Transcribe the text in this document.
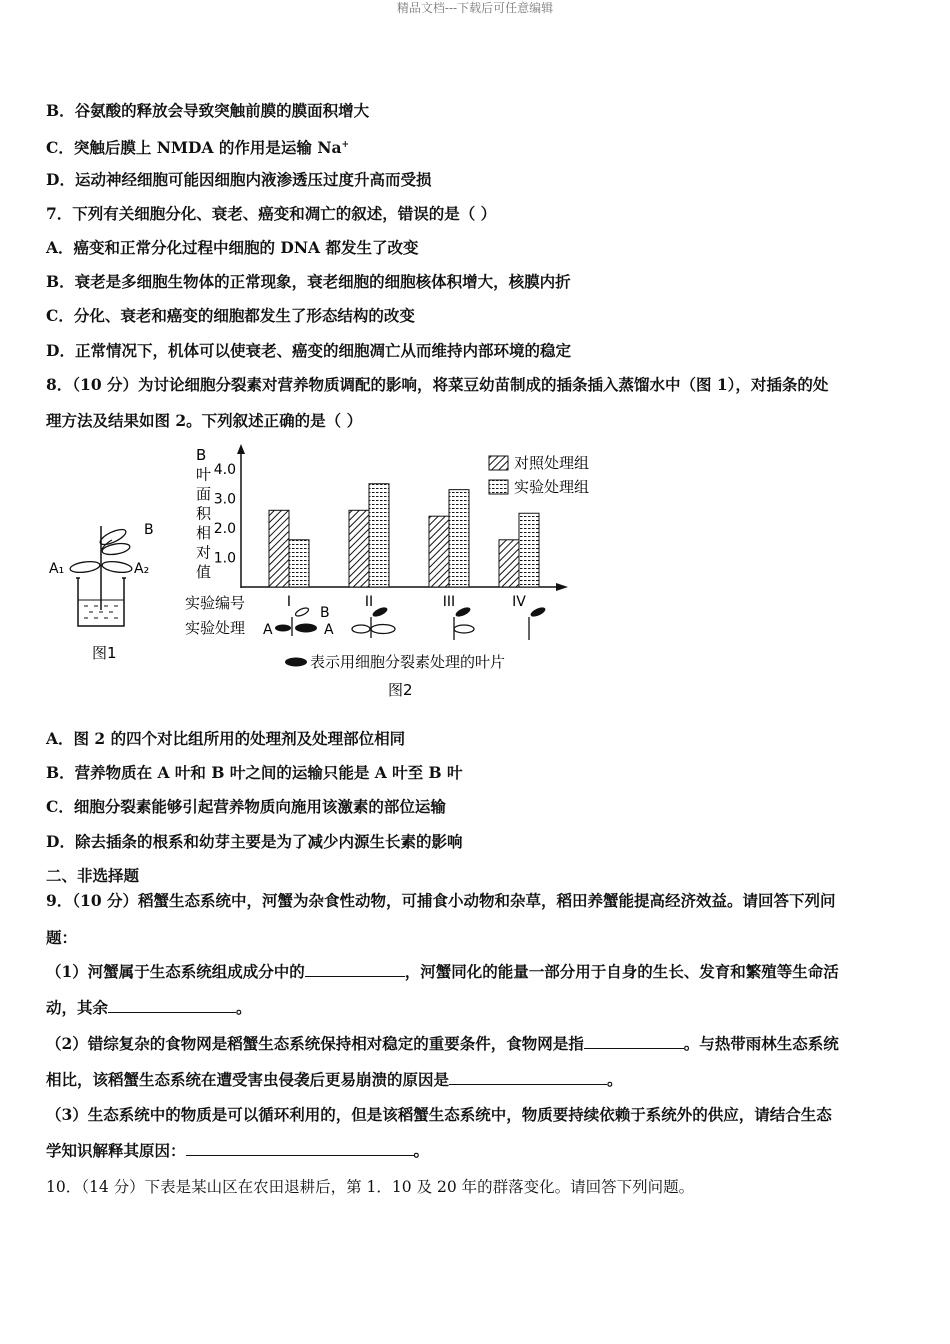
精品文档---下载后可任意编辑
B．谷氨酸的释放会导致突触前膜的膜面积增大
C．突触后膜上 NMDA 的作用是运输 Na+
D．运动神经细胞可能因细胞内液渗透压过度升高而受损
7．下列有关细胞分化、衰老、癌变和凋亡的叙述，错误的是（ ）
A．癌变和正常分化过程中细胞的 DNA 都发生了改变
B．衰老是多细胞生物体的正常现象，衰老细胞的细胞核体积增大，核膜内折
C．分化、衰老和癌变的细胞都发生了形态结构的改变
D．正常情况下，机体可以使衰老、癌变的细胞凋亡从而维持内部环境的稳定
8．（10 分）为讨论细胞分裂素对营养物质调配的影响，将菜豆幼苗制成的插条插入蒸馏水中（图 1），对插条的处
理方法及结果如图 2。下列叙述正确的是（ ）
B
A₁	A₂
图1
B
叶
面
积
相
对
值
1.0
2.0
3.0
4.0
I	II	III	IV
对照处理组
实验处理组
实验编号
实验处理 A
B
A
表示用细胞分裂素处理的叶片
图2
A．图 2 的四个对比组所用的处理剂及处理部位相同
B．营养物质在 A 叶和 B 叶之间的运输只能是 A 叶至 B 叶
C．细胞分裂素能够引起营养物质向施用该激素的部位运输
D．除去插条的根系和幼芽主要是为了减少内源生长素的影响
二、非选择题
9．（10 分）稻蟹生态系统中，河蟹为杂食性动物，可捕食小动物和杂草，稻田养蟹能提高经济效益。请回答下列问
题：
（1）河蟹属于生态系统组成成分中的	，河蟹同化的能量一部分用于自身的生长、发育和繁殖等生命活
动，其余	。
（2）错综复杂的食物网是稻蟹生态系统保持相对稳定的重要条件，食物网是指	。与热带雨林生态系统
相比，该稻蟹生态系统在遭受害虫侵袭后更易崩溃的原因是	。
（3）生态系统中的物质是可以循环利用的，但是该稻蟹生态系统中，物质要持续依赖于系统外的供应，请结合生态
学知识解释其原因：	。
10．（14 分）下表是某山区在农田退耕后，第 1．10 及 20 年的群落变化。请回答下列问题。
